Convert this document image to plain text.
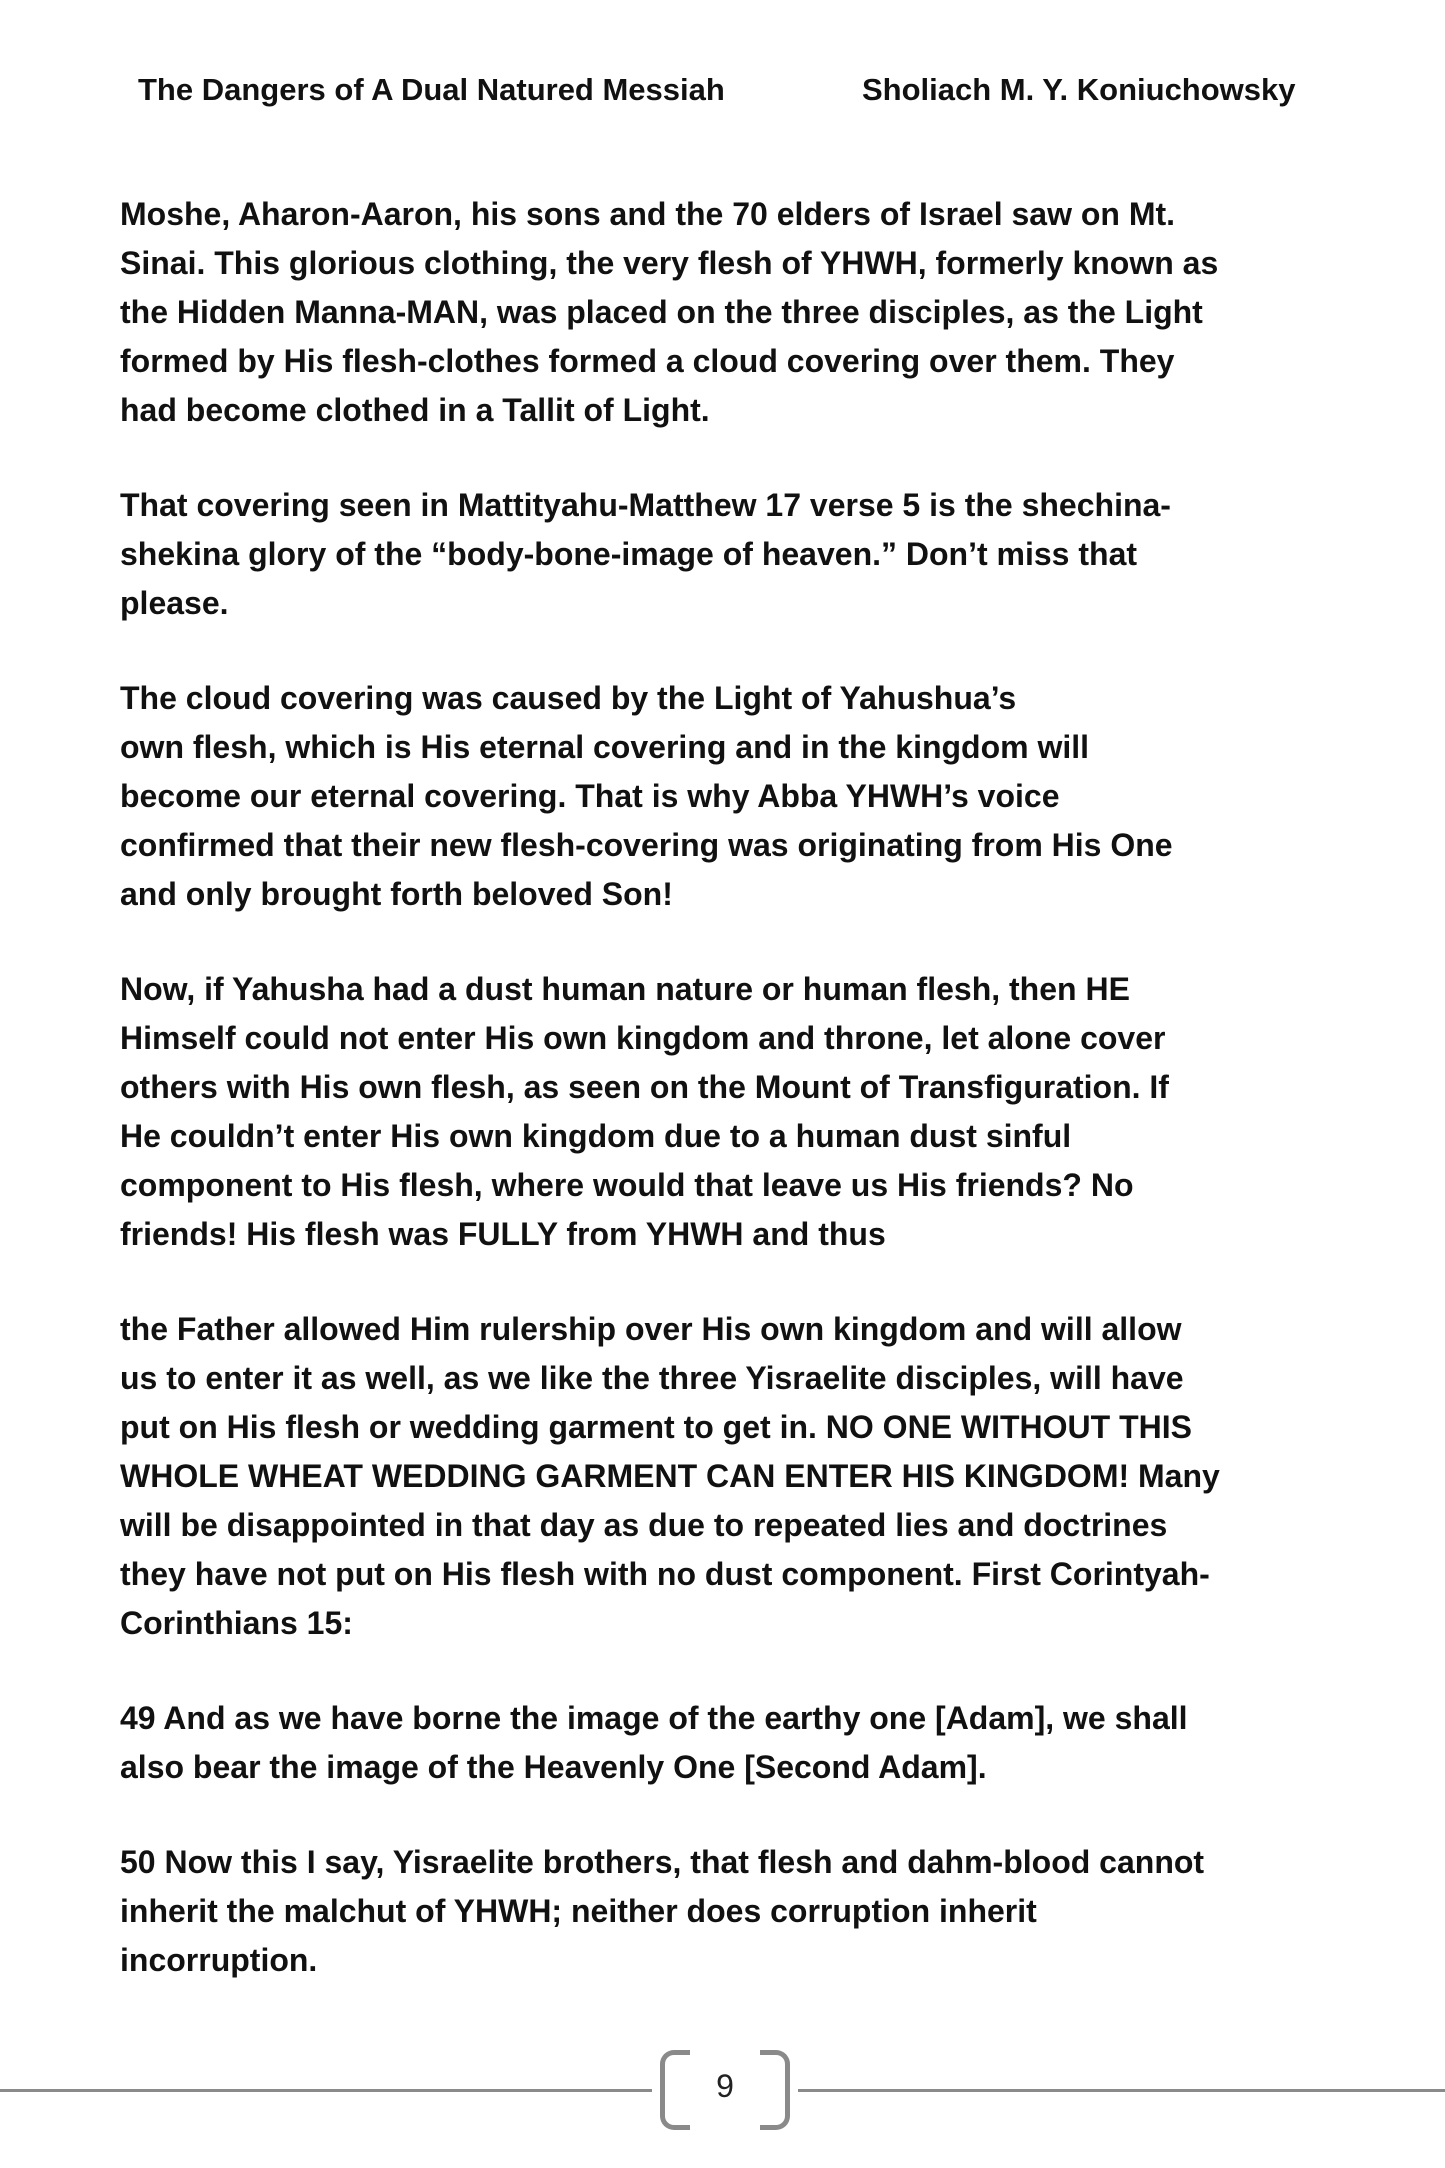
The Dangers of A Dual Natured Messiah	Sholiach M. Y. Koniuchowsky
Moshe, Aharon-Aaron, his sons and the 70 elders of Israel saw on Mt.
Sinai. This glorious clothing, the very flesh of YHWH, formerly known as
the Hidden Manna-MAN, was placed on the three disciples, as the Light
formed by His flesh-clothes formed a cloud covering over them. They
had become clothed in a Tallit of Light.
That covering seen in Mattityahu-Matthew 17 verse 5 is the shechina-
shekina glory of the “body-bone-image of heaven.” Don’t miss that
please.
The cloud covering was caused by the Light of Yahushua’s
own flesh, which is His eternal covering and in the kingdom will
become our eternal covering. That is why Abba YHWH’s voice
confirmed that their new flesh-covering was originating from His One
and only brought forth beloved Son!
Now, if Yahusha had a dust human nature or human flesh, then HE
Himself could not enter His own kingdom and throne, let alone cover
others with His own flesh, as seen on the Mount of Transfiguration. If
He couldn’t enter His own kingdom due to a human dust sinful
component to His flesh, where would that leave us His friends? No
friends! His flesh was FULLY from YHWH and thus
the Father allowed Him rulership over His own kingdom and will allow
us to enter it as well, as we like the three Yisraelite disciples, will have
put on His flesh or wedding garment to get in. NO ONE WITHOUT THIS
WHOLE WHEAT WEDDING GARMENT CAN ENTER HIS KINGDOM! Many
will be disappointed in that day as due to repeated lies and doctrines
they have not put on His flesh with no dust component. First Corintyah-
Corinthians 15:
49 And as we have borne the image of the earthy one [Adam], we shall
also bear the image of the Heavenly One [Second Adam].
50 Now this I say, Yisraelite brothers, that flesh and dahm-blood cannot
inherit the malchut of YHWH; neither does corruption inherit
incorruption.
9
